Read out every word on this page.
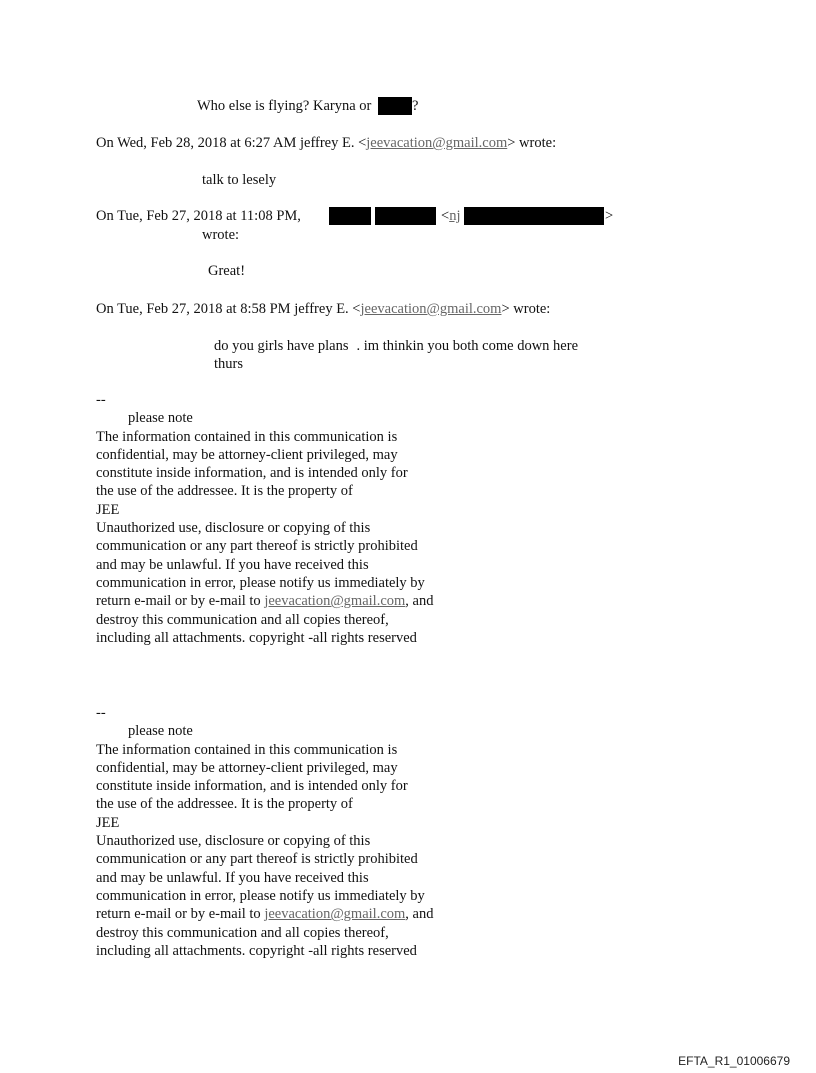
Who else is flying? Karyna or	?
On Wed, Feb 28, 2018 at 6:27 AM jeffrey E. <jeevacation@gmail.com> wrote:
talk to lesely
On Tue, Feb 27, 2018 at 11:08 PM,	<nj	>
wrote:
Great!
On Tue, Feb 27, 2018 at 8:58 PM jeffrey E. <jeevacation@gmail.com> wrote:
do you girls have plans . im thinkin you both come down here
thurs
--
please note
The information contained in this communication is
confidential, may be attorney-client privileged, may
constitute inside information, and is intended only for
the use of the addressee. It is the property of
JEE
Unauthorized use, disclosure or copying of this
communication or any part thereof is strictly prohibited
and may be unlawful. If you have received this
communication in error, please notify us immediately by
return e-mail or by e-mail to jeevacation@gmail.com, and
destroy this communication and all copies thereof,
including all attachments. copyright -all rights reserved
--
please note
The information contained in this communication is
confidential, may be attorney-client privileged, may
constitute inside information, and is intended only for
the use of the addressee. It is the property of
JEE
Unauthorized use, disclosure or copying of this
communication or any part thereof is strictly prohibited
and may be unlawful. If you have received this
communication in error, please notify us immediately by
return e-mail or by e-mail to jeevacation@gmail.com, and
destroy this communication and all copies thereof,
including all attachments. copyright -all rights reserved
EFTA_R1_01006679
